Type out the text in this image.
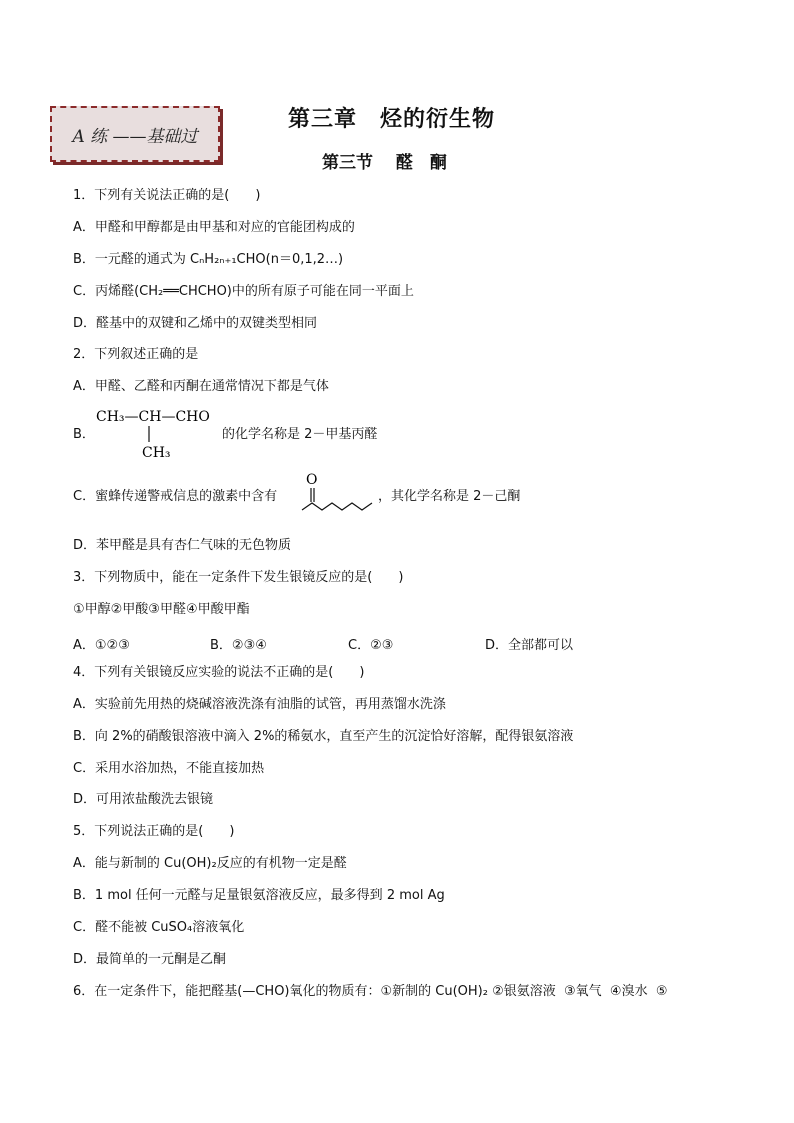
A 练 ——基础过
第三章　烃的衍生物
第三节　 醛　酮
1．下列有关说法正确的是(　　)
A．甲醛和甲醇都是由甲基和对应的官能团构成的
B．一元醛的通式为 CₙH₂ₙ₊₁CHO(n＝0,1,2…)
C．丙烯醛(CH₂══CHCHO)中的所有原子可能在同一平面上
D．醛基中的双键和乙烯中的双键类型相同
2．下列叙述正确的是
A．甲醛、乙醛和丙酮在通常情况下都是气体
B．
CH₃—CH—CHO
CH₃
的化学名称是 2－甲基丙醛
C．蜜蜂传递警戒信息的激素中含有
O
，其化学名称是 2－己酮
D．苯甲醛是具有杏仁气味的无色物质
3．下列物质中，能在一定条件下发生银镜反应的是(　　)
①甲醇②甲酸③甲醛④甲酸甲酯
A．①②③	B．②③④	C．②③	D．全部都可以
4．下列有关银镜反应实验的说法不正确的是(　　)
A．实验前先用热的烧碱溶液洗涤有油脂的试管，再用蒸馏水洗涤
B．向 2%的硝酸银溶液中滴入 2%的稀氨水，直至产生的沉淀恰好溶解，配得银氨溶液
C．采用水浴加热，不能直接加热
D．可用浓盐酸洗去银镜
5．下列说法正确的是(　　)
A．能与新制的 Cu(OH)₂反应的有机物一定是醛
B．1 mol 任何一元醛与足量银氨溶液反应，最多得到 2 mol Ag
C．醛不能被 CuSO₄溶液氧化
D．最简单的一元酮是乙酮
6．在一定条件下，能把醛基(—CHO)氧化的物质有：①新制的 Cu(OH)₂ ②银氨溶液  ③氧气  ④溴水  ⑤
